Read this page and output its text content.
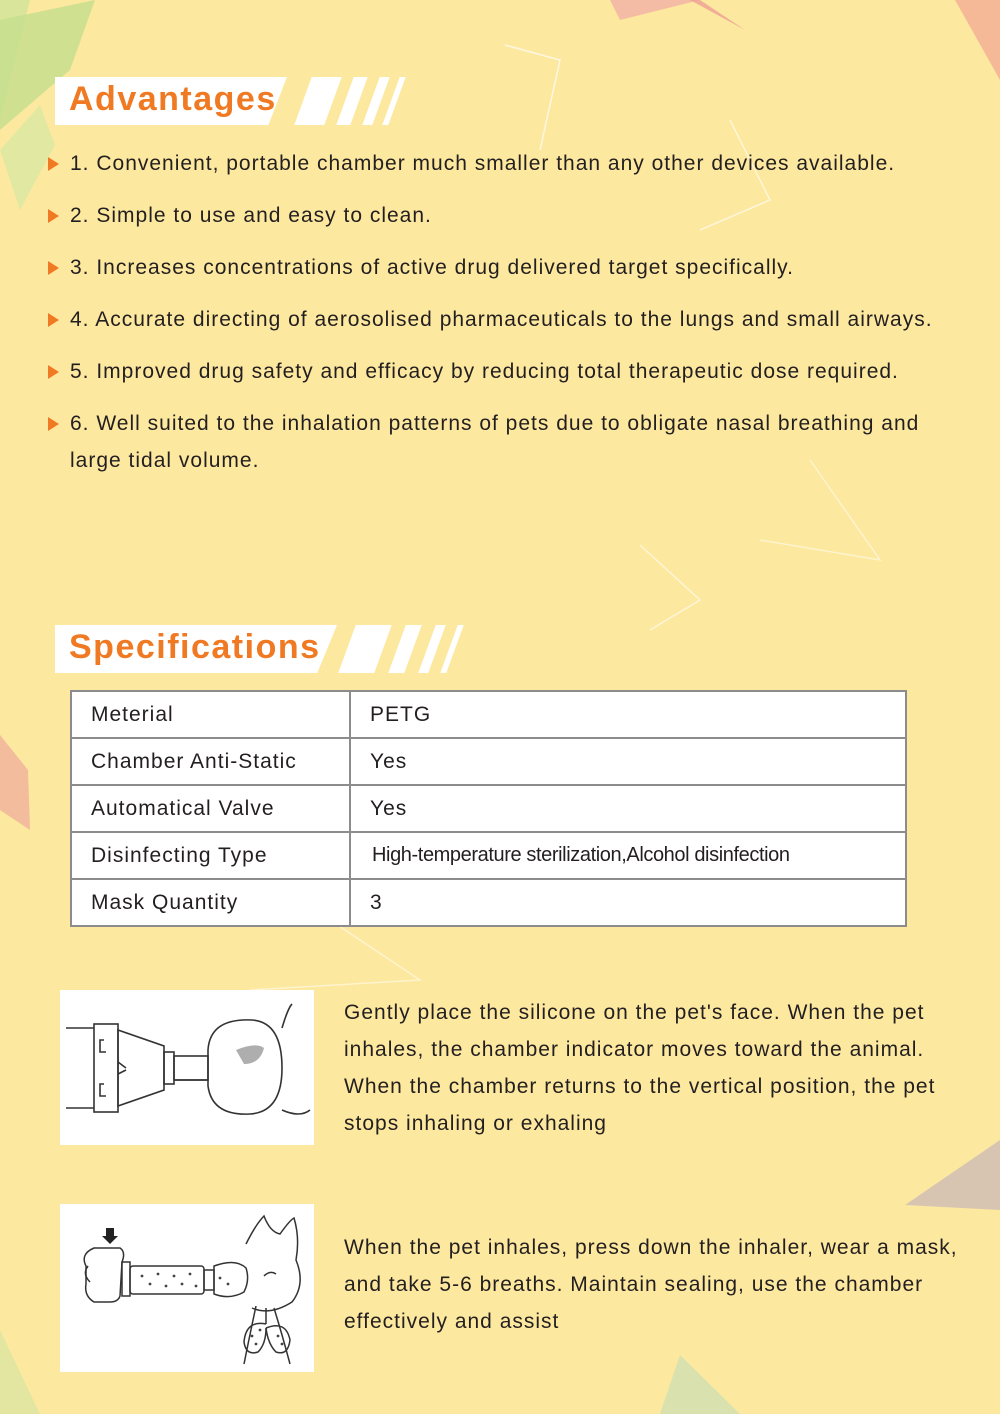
Advantages
1. Convenient, portable chamber much smaller than any other devices available.
2. Simple to use and easy to clean.
3. Increases concentrations of active drug delivered target specifically.
4. Accurate directing of aerosolised pharmaceuticals to the lungs and small airways.
5. Improved drug safety and efficacy by reducing total therapeutic dose required.
6. Well suited to the inhalation patterns of pets due to obligate nasal breathing and large tidal volume.
Specifications
Meterial	PETG
Chamber Anti-Static	Yes
Automatical Valve	Yes
Disinfecting Type	High-temperature sterilization,Alcohol disinfection
Mask Quantity	3
Gently place the silicone on the pet's face. When the pet inhales, the chamber indicator moves toward the animal. When the chamber returns to the vertical position, the pet stops inhaling or exhaling
When the pet inhales, press down the inhaler, wear a mask, and take 5-6 breaths. Maintain sealing, use the chamber effectively and assist
